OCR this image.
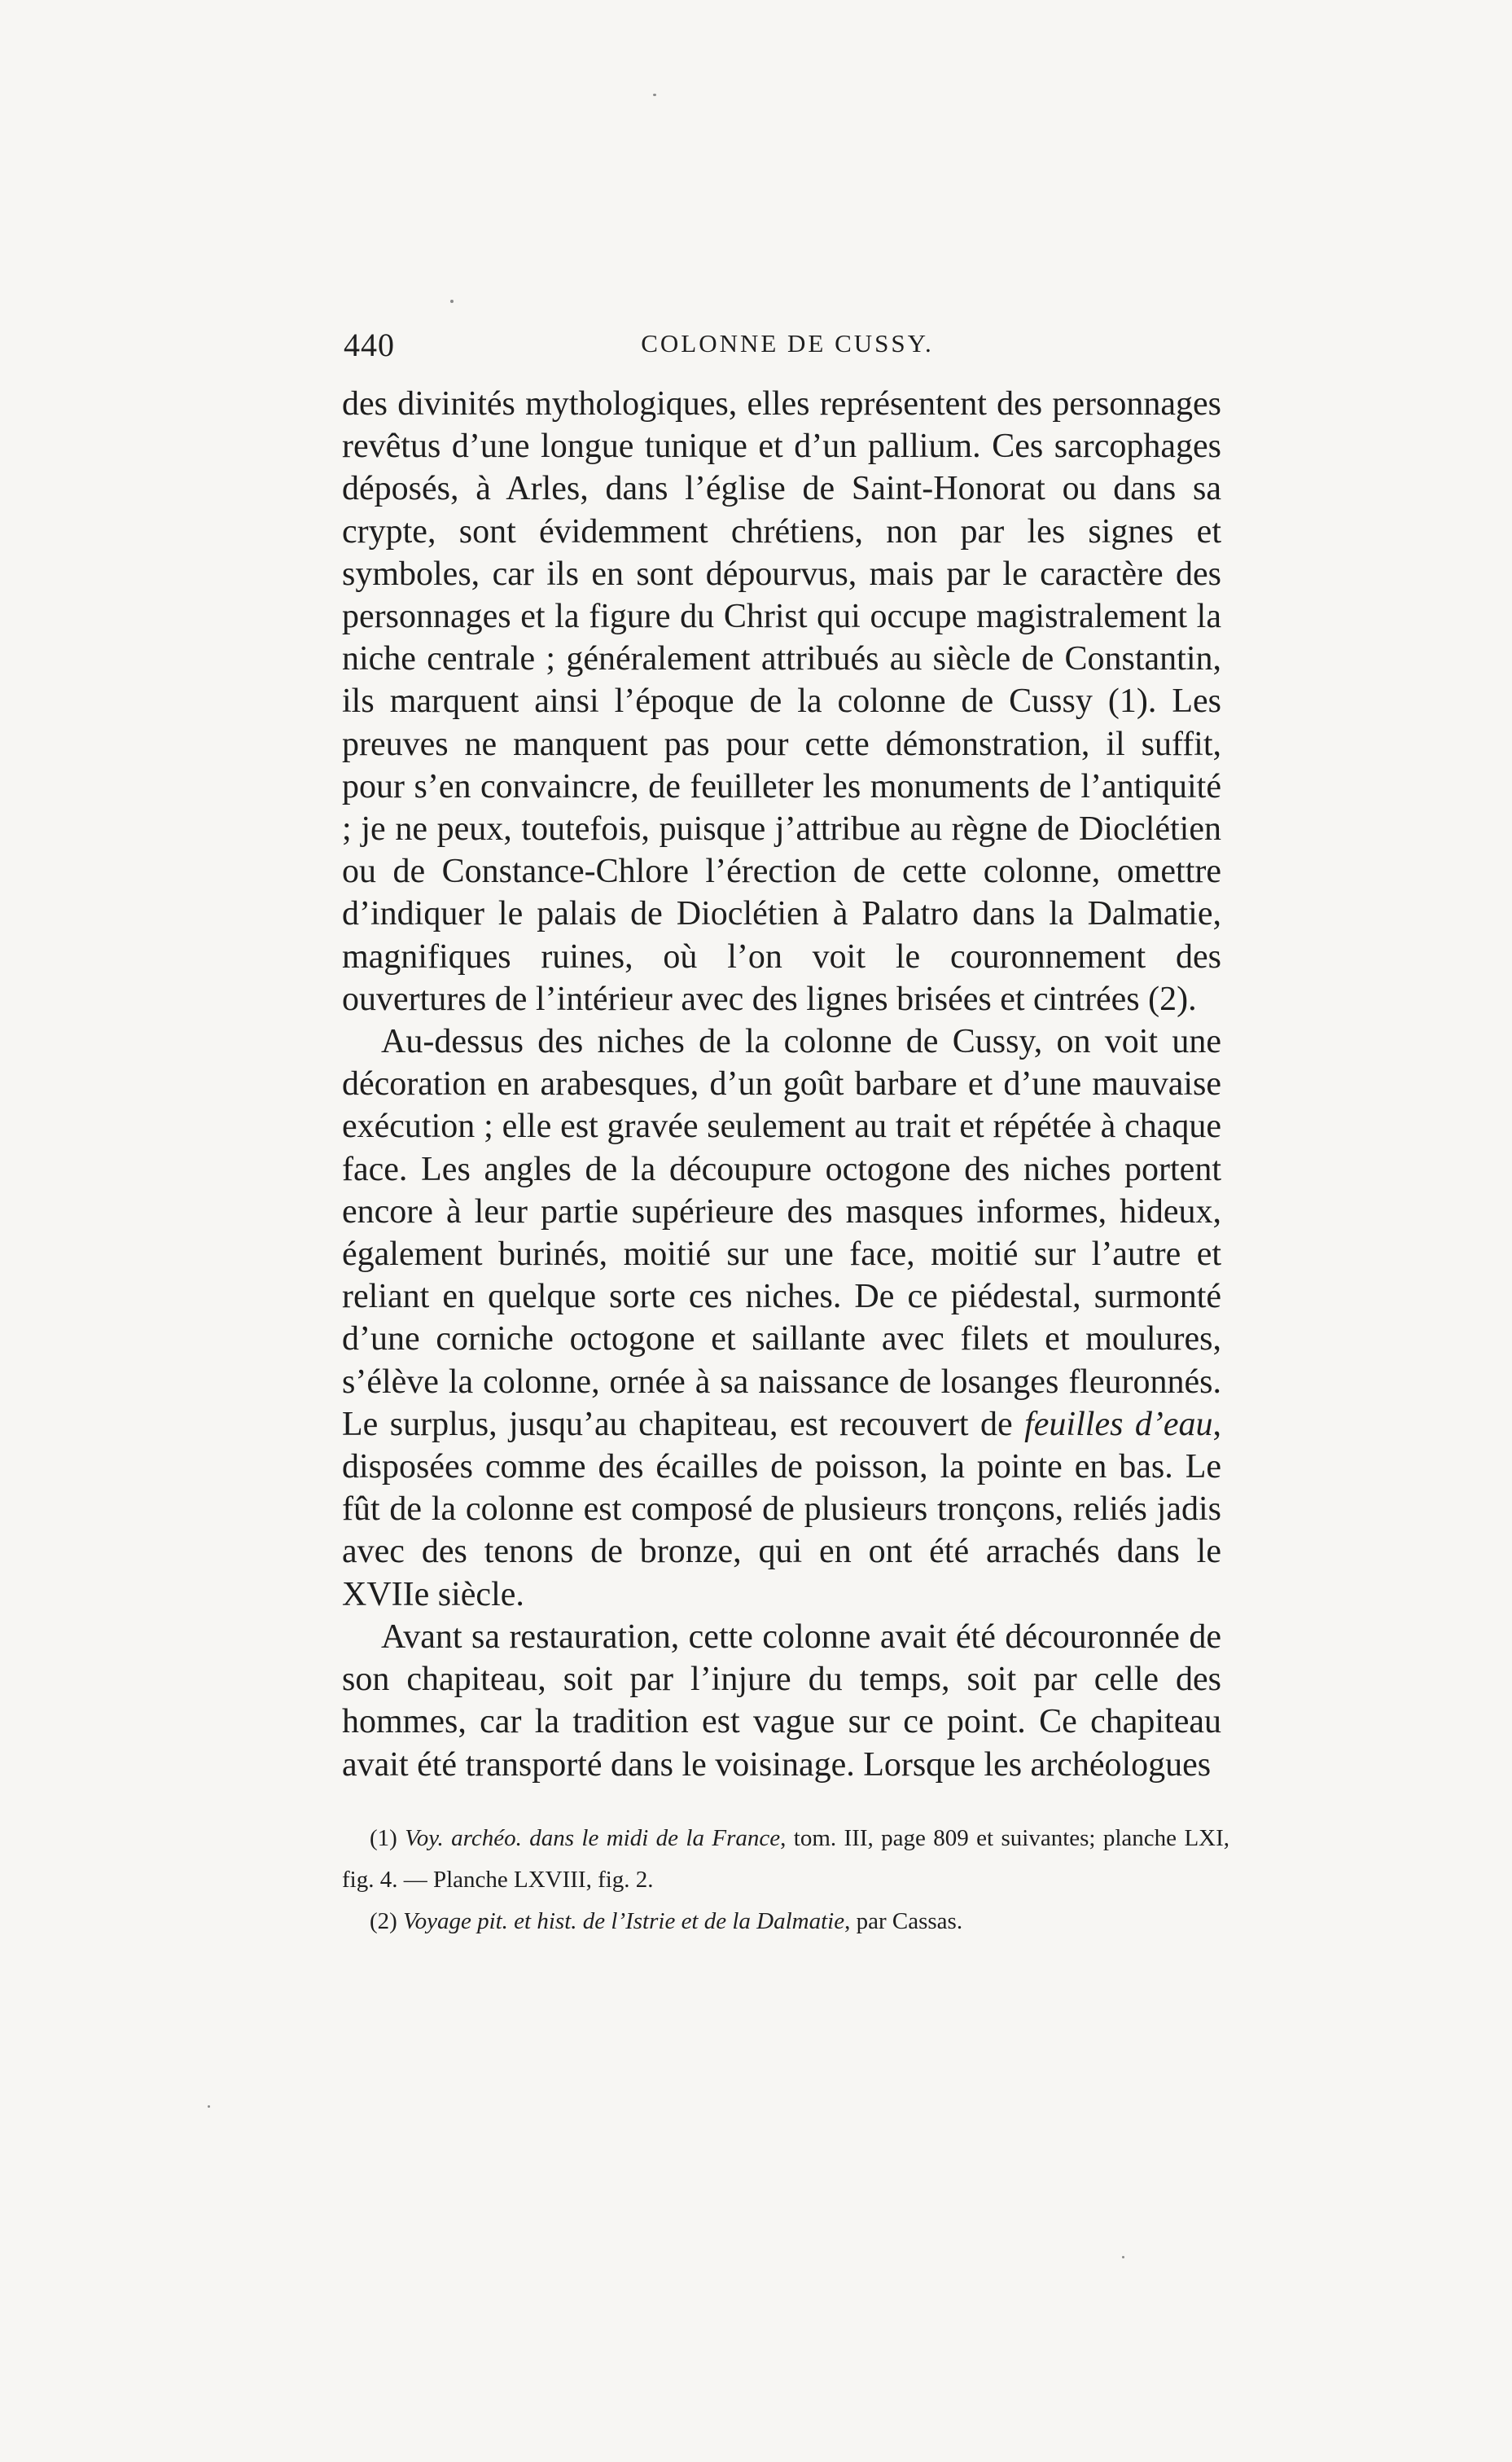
440	COLONNE DE CUSSY.

des divinités mythologiques, elles représentent des personnages revêtus d’une longue tunique et d’un pallium. Ces sarcophages déposés, à Arles, dans l’église de Saint-Honorat ou dans sa crypte, sont évidemment chrétiens, non par les signes et symboles, car ils en sont dépourvus, mais par le caractère des personnages et la figure du Christ qui occupe magistralement la niche centrale ; généralement attribués au siècle de Constantin, ils marquent ainsi l’époque de la colonne de Cussy (1). Les preuves ne manquent pas pour cette démonstration, il suffit, pour s’en convaincre, de feuilleter les monuments de l’antiquité ; je ne peux, toutefois, puisque j’attribue au règne de Dioclétien ou de Constance-Chlore l’érection de cette colonne, omettre d’indiquer le palais de Dioclétien à Palatro dans la Dalmatie, magnifiques ruines, où l’on voit le couronnement des ouvertures de l’intérieur avec des lignes brisées et cintrées (2).

Au-dessus des niches de la colonne de Cussy, on voit une décoration en arabesques, d’un goût barbare et d’une mauvaise exécution ; elle est gravée seulement au trait et répétée à chaque face. Les angles de la découpure octogone des niches portent encore à leur partie supérieure des masques informes, hideux, également burinés, moitié sur une face, moitié sur l’autre et reliant en quelque sorte ces niches. De ce piédestal, surmonté d’une corniche octogone et saillante avec filets et moulures, s’élève la colonne, ornée à sa naissance de losanges fleuronnés. Le surplus, jusqu’au chapiteau, est recouvert de feuilles d’eau, disposées comme des écailles de poisson, la pointe en bas. Le fût de la colonne est composé de plusieurs tronçons, reliés jadis avec des tenons de bronze, qui en ont été arrachés dans le XVIIe siècle.

Avant sa restauration, cette colonne avait été découronnée de son chapiteau, soit par l’injure du temps, soit par celle des hommes, car la tradition est vague sur ce point. Ce chapiteau avait été transporté dans le voisinage. Lorsque les archéologues

(1) Voy. archéo. dans le midi de la France, tom. III, page 809 et suivantes; planche LXI, fig. 4. — Planche LXVIII, fig. 2.

(2) Voyage pit. et hist. de l’Istrie et de la Dalmatie, par Cassas.
